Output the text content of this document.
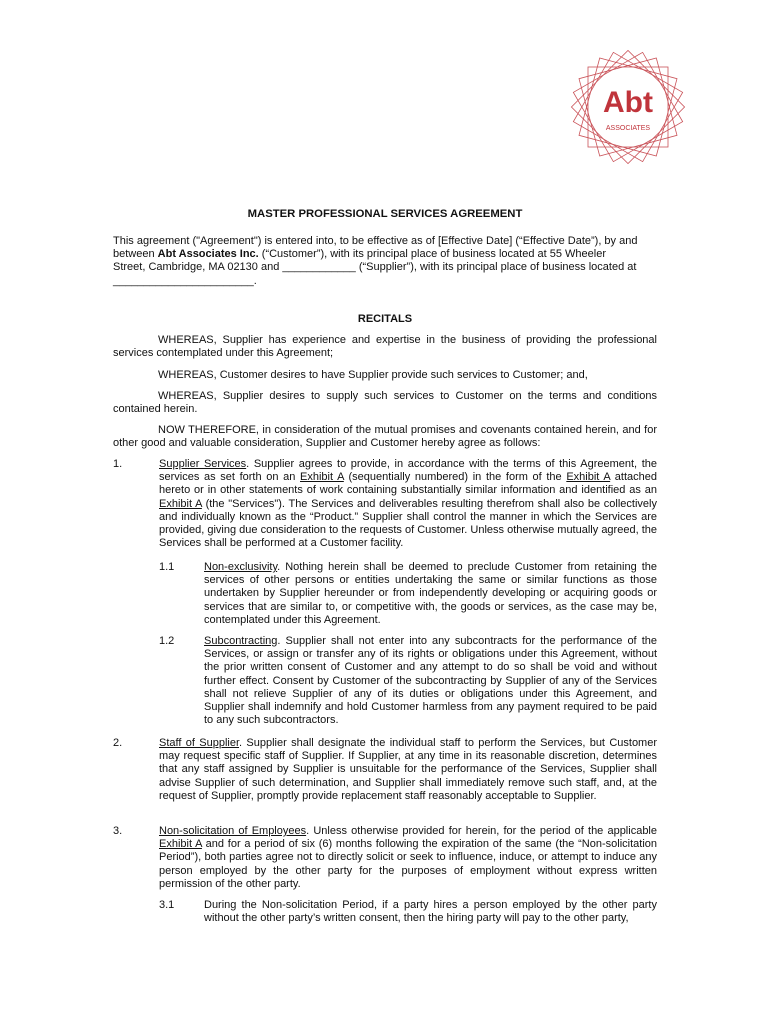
Abt
ASSOCIATES
MASTER PROFESSIONAL SERVICES AGREEMENT
This agreement ("Agreement") is entered into, to be effective as of [Effective Date] (“Effective Date”), by and
between Abt Associates Inc. (“Customer”), with its principal place of business located at 55 Wheeler
Street, Cambridge, MA 02130 and ____________ (“Supplier”), with its principal place of business located at
_______________________.
RECITALS
WHEREAS, Supplier has experience and expertise in the business of providing the professional services contemplated under this Agreement;
WHEREAS, Customer desires to have Supplier provide such services to Customer; and,
WHEREAS, Supplier desires to supply such services to Customer on the terms and conditions contained herein.
NOW THEREFORE, in consideration of the mutual promises and covenants contained herein, and for other good and valuable consideration, Supplier and Customer hereby agree as follows:
1.	Supplier Services. Supplier agrees to provide, in accordance with the terms of this Agreement, the services as set forth on an Exhibit A (sequentially numbered) in the form of the Exhibit A attached hereto or in other statements of work containing substantially similar information and identified as an Exhibit A (the "Services"). The Services and deliverables resulting therefrom shall also be collectively and individually known as the “Product.” Supplier shall control the manner in which the Services are provided, giving due consideration to the requests of Customer. Unless otherwise mutually agreed, the Services shall be performed at a Customer facility.
1.1	Non-exclusivity. Nothing herein shall be deemed to preclude Customer from retaining the services of other persons or entities undertaking the same or similar functions as those undertaken by Supplier hereunder or from independently developing or acquiring goods or services that are similar to, or competitive with, the goods or services, as the case may be, contemplated under this Agreement.
1.2	Subcontracting. Supplier shall not enter into any subcontracts for the performance of the Services, or assign or transfer any of its rights or obligations under this Agreement, without the prior written consent of Customer and any attempt to do so shall be void and without further effect. Consent by Customer of the subcontracting by Supplier of any of the Services shall not relieve Supplier of any of its duties or obligations under this Agreement, and Supplier shall indemnify and hold Customer harmless from any payment required to be paid to any such subcontractors.
2.	Staff of Supplier. Supplier shall designate the individual staff to perform the Services, but Customer may request specific staff of Supplier. If Supplier, at any time in its reasonable discretion, determines that any staff assigned by Supplier is unsuitable for the performance of the Services, Supplier shall advise Supplier of such determination, and Supplier shall immediately remove such staff, and, at the request of Supplier, promptly provide replacement staff reasonably acceptable to Supplier.
3.	Non-solicitation of Employees. Unless otherwise provided for herein, for the period of the applicable Exhibit A and for a period of six (6) months following the expiration of the same (the “Non-solicitation Period”), both parties agree not to directly solicit or seek to influence, induce, or attempt to induce any person employed by the other party for the purposes of employment without express written permission of the other party.
3.1	During the Non-solicitation Period, if a party hires a person employed by the other party without the other party’s written consent, then the hiring party will pay to the other party,
